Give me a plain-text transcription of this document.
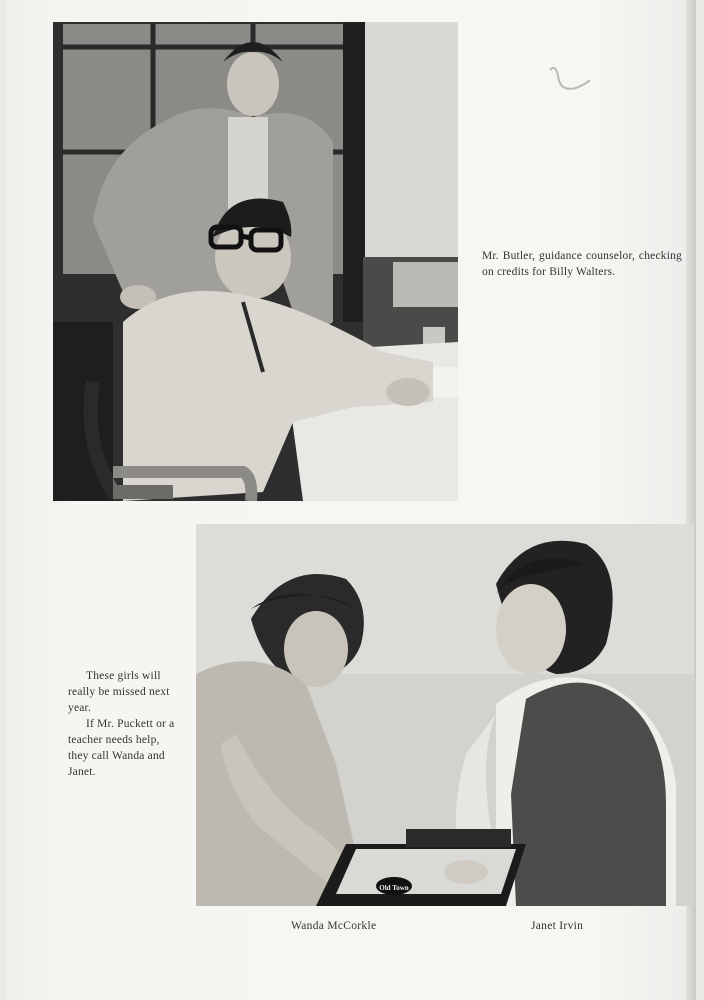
Mr. Butler, guidance counselor, checking on credits for Billy Walters.
Old Town

These girls will really be missed next year.

If Mr. Puckett or a teacher needs help, they call Wanda and Janet.

Wanda McCorkle	Janet Irvin
